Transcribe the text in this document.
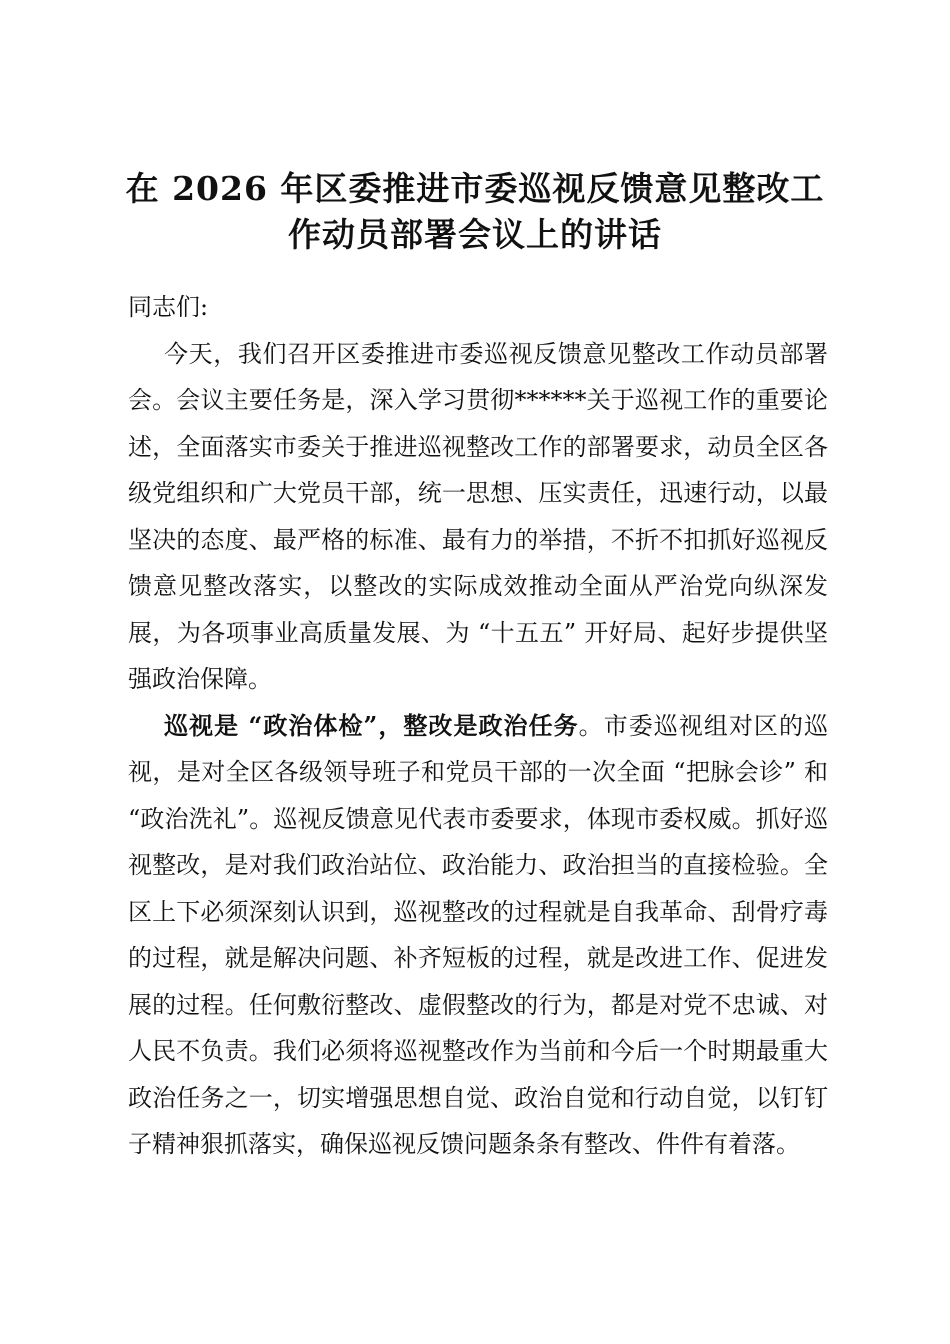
在 2026 年区委推进市委巡视反馈意见整改工
作动员部署会议上的讲话

同志们:

今天，我们召开区委推进市委巡视反馈意见整改工作动员部署会。会议主要任务是，深入学习贯彻******关于巡视工作的重要论述，全面落实市委关于推进巡视整改工作的部署要求，动员全区各级党组织和广大党员干部，统一思想、压实责任，迅速行动，以最坚决的态度、最严格的标准、最有力的举措，不折不扣抓好巡视反馈意见整改落实，以整改的实际成效推动全面从严治党向纵深发展，为各项事业高质量发展、为 “十五五” 开好局、起好步提供坚强政治保障。

巡视是 “政治体检”，整改是政治任务。市委巡视组对区的巡视，是对全区各级领导班子和党员干部的一次全面 “把脉会诊” 和 “政治洗礼”。巡视反馈意见代表市委要求，体现市委权威。抓好巡视整改，是对我们政治站位、政治能力、政治担当的直接检验。全区上下必须深刻认识到，巡视整改的过程就是自我革命、刮骨疗毒的过程，就是解决问题、补齐短板的过程，就是改进工作、促进发展的过程。任何敷衍整改、虚假整改的行为，都是对党不忠诚、对人民不负责。我们必须将巡视整改作为当前和今后一个时期最重大政治任务之一，切实增强思想自觉、政治自觉和行动自觉，以钉钉子精神狠抓落实，确保巡视反馈问题条条有整改、件件有着落。
